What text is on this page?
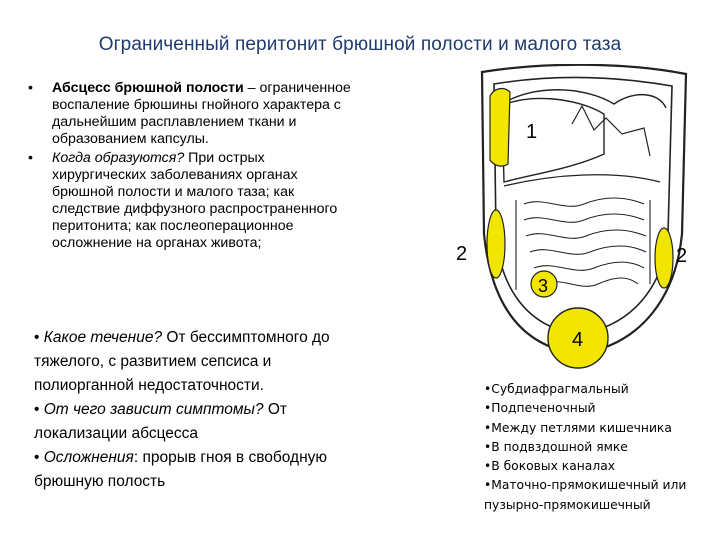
Ограниченный перитонит брюшной полости и малого таза
• Абсцесс брюшной полости – ограниченное
воспаление брюшины гнойного характера с
дальнейшим расплавлением ткани и
образованием капсулы.
• Когда образуются? При острых
хирургических заболеваниях органах
брюшной полости и малого таза; как
следствие диффузного распространенного
перитонита; как послеоперационное
осложнение на органах живота;
• Какое течение? От бессимптомного до
тяжелого, с развитием сепсиса и
полиорганной недостаточности.
• От чего зависит симптомы? От
локализации абсцесса
• Осложнения: прорыв гноя в свободную
брюшную полость
•Субдиафрагмальный
•Подпеченочный
•Между петлями кишечника
•В подвздошной ямке
•В боковых каналах
•Маточно-прямокишечный или
пузырно-прямокишечный
1
2	2
3
4
